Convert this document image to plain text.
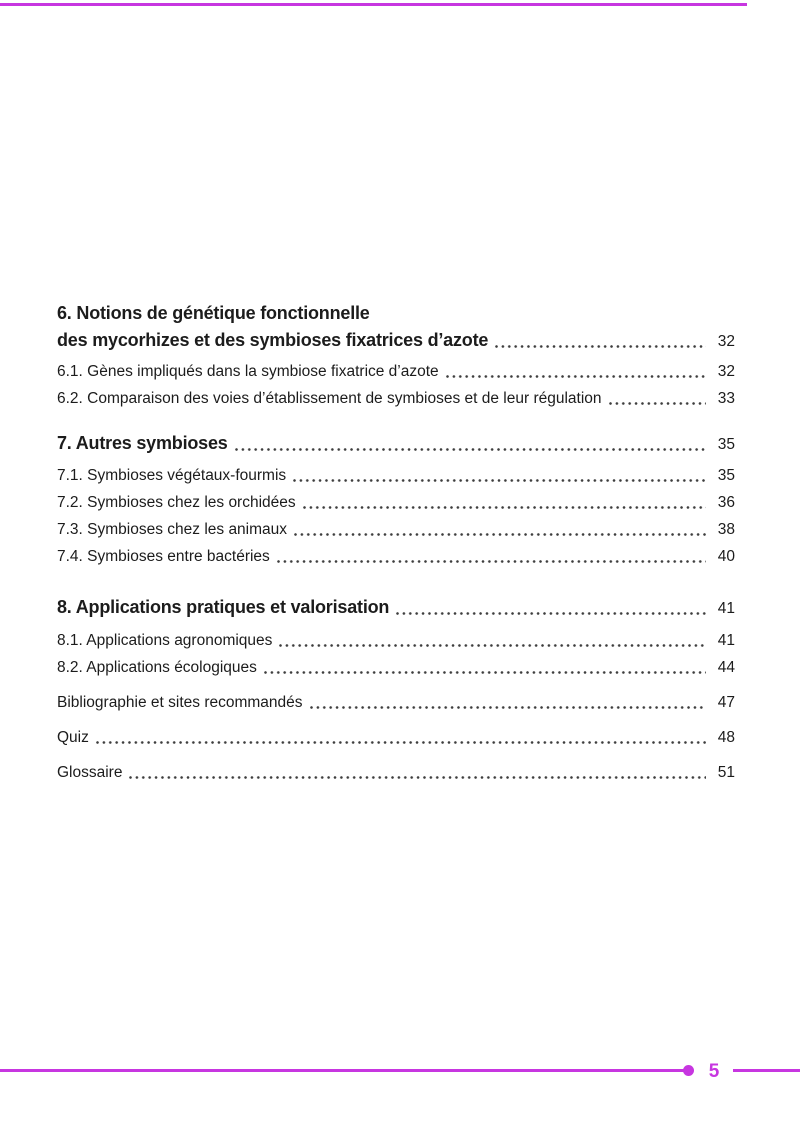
6. Notions de génétique fonctionnelle
des mycorhizes et des symbioses fixatrices d’azote	32
6.1. Gènes impliqués dans la symbiose fixatrice d’azote	32
6.2. Comparaison des voies d’établissement de symbioses et de leur régulation	33
7. Autres symbioses	35
7.1. Symbioses végétaux-fourmis	35
7.2. Symbioses chez les orchidées	36
7.3. Symbioses chez les animaux	38
7.4. Symbioses entre bactéries	40
8. Applications pratiques et valorisation	41
8.1. Applications agronomiques	41
8.2. Applications écologiques	44
Bibliographie et sites recommandés	47
Quiz	48
Glossaire	51
5
